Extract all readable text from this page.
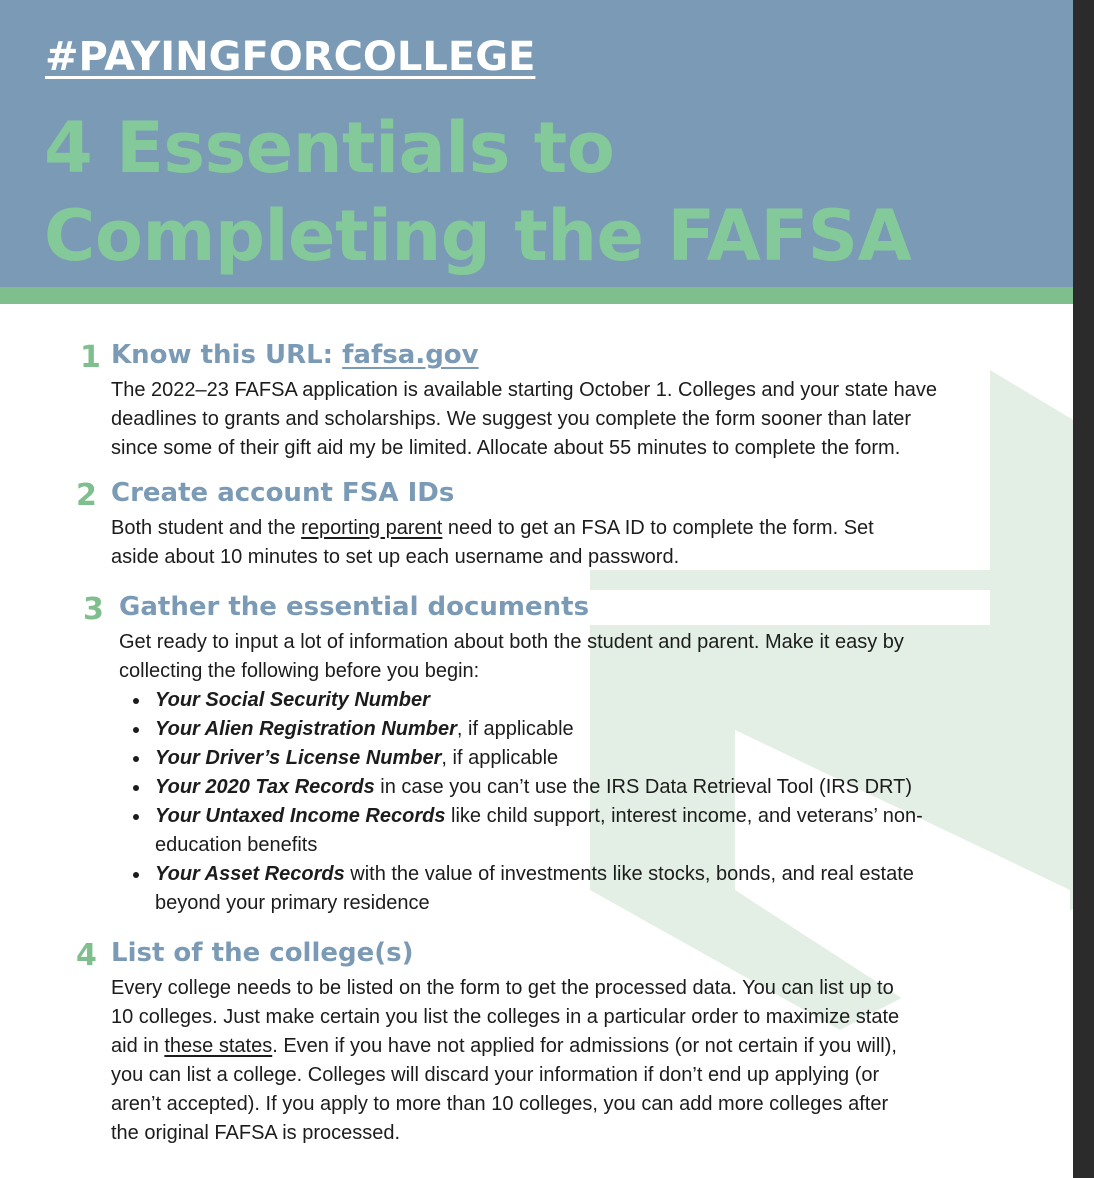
#PAYINGFORCOLLEGE

4 Essentials to
Completing the FAFSA
1 Know this URL: fafsa.gov

The 2022–23 FAFSA application is available starting October 1. Colleges and your state have
deadlines to grants and scholarships. We suggest you complete the form sooner than later
since some of their gift aid my be limited. Allocate about 55 minutes to complete the form.

2 Create account FSA IDs

Both student and the reporting parent need to get an FSA ID to complete the form. Set
aside about 10 minutes to set up each username and password.

3 Gather the essential documents

Get ready to input a lot of information about both the student and parent. Make it easy by
collecting the following before you begin:

Your Social Security Number
Your Alien Registration Number, if applicable
Your Driver’s License Number, if applicable
Your 2020 Tax Records in case you can’t use the IRS Data Retrieval Tool (IRS DRT)
Your Untaxed Income Records like child support, interest income, and veterans’ non-
education benefits
Your Asset Records with the value of investments like stocks, bonds, and real estate
beyond your primary residence
4 List of the college(s)

Every college needs to be listed on the form to get the processed data. You can list up to
10 colleges. Just make certain you list the colleges in a particular order to maximize state
aid in these states. Even if you have not applied for admissions (or not certain if you will),
you can list a college. Colleges will discard your information if don’t end up applying (or
aren’t accepted). If you apply to more than 10 colleges, you can add more colleges after
the original FAFSA is processed.
